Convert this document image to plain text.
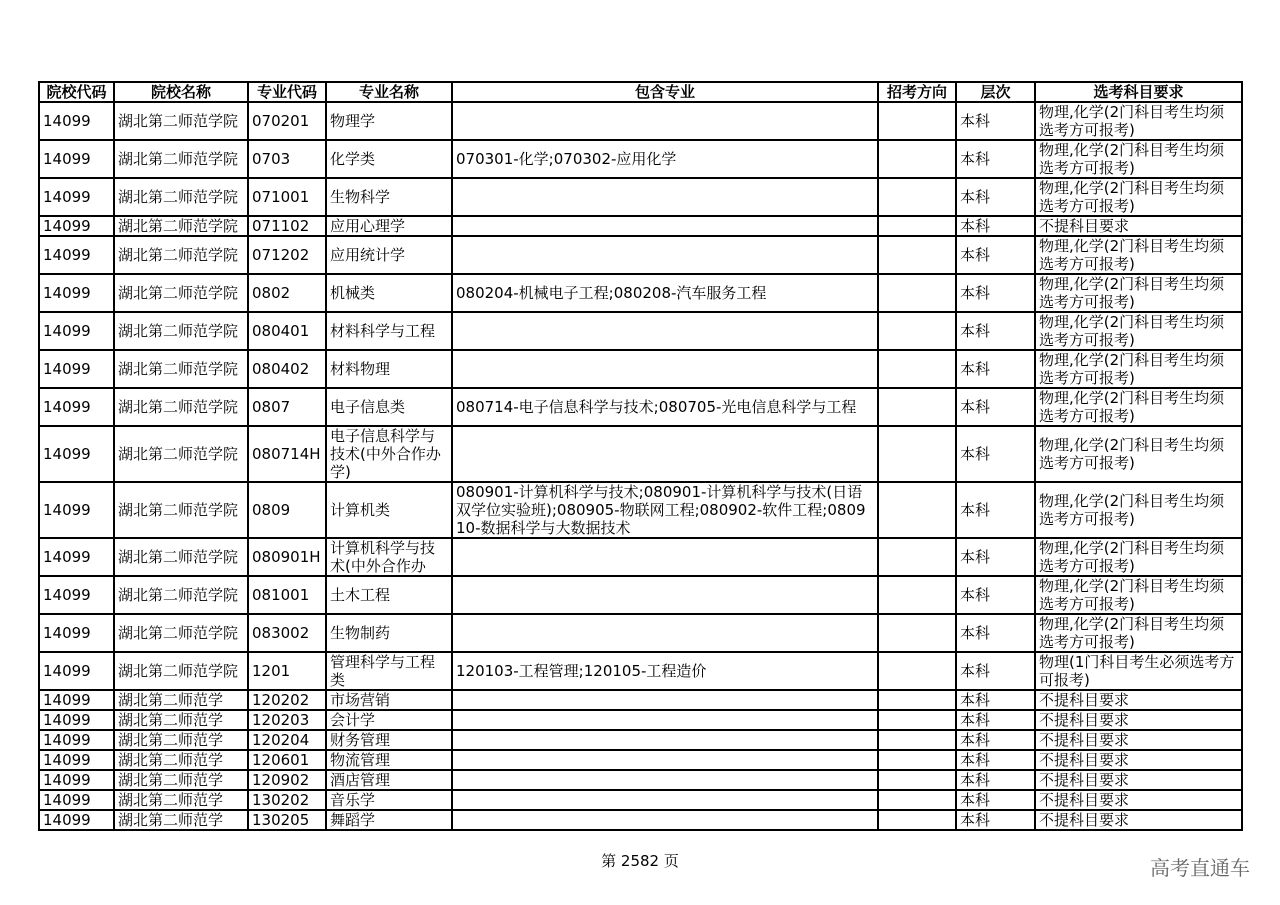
院校代码	院校名称	专业代码	专业名称	包含专业	招考方向	层次	选考科目要求
14099	湖北第二师范学院	070201	物理学			本科	物理,化学(2门科目考生均须选考方可报考)
14099	湖北第二师范学院	0703	化学类	070301-化学;070302-应用化学		本科	物理,化学(2门科目考生均须选考方可报考)
14099	湖北第二师范学院	071001	生物科学			本科	物理,化学(2门科目考生均须选考方可报考)
14099	湖北第二师范学院	071102	应用心理学			本科	不提科目要求
14099	湖北第二师范学院	071202	应用统计学			本科	物理,化学(2门科目考生均须选考方可报考)
14099	湖北第二师范学院	0802	机械类	080204-机械电子工程;080208-汽车服务工程		本科	物理,化学(2门科目考生均须选考方可报考)
14099	湖北第二师范学院	080401	材料科学与工程			本科	物理,化学(2门科目考生均须选考方可报考)
14099	湖北第二师范学院	080402	材料物理			本科	物理,化学(2门科目考生均须选考方可报考)
14099	湖北第二师范学院	0807	电子信息类	080714-电子信息科学与技术;080705-光电信息科学与工程		本科	物理,化学(2门科目考生均须选考方可报考)
14099	湖北第二师范学院	080714H	电子信息科学与技术(中外合作办学)			本科	物理,化学(2门科目考生均须选考方可报考)
14099	湖北第二师范学院	0809	计算机类	080901-计算机科学与技术;080901-计算机科学与技术(日语双学位实验班);080905-物联网工程;080902-软件工程;080910-数据科学与大数据技术		本科	物理,化学(2门科目考生均须选考方可报考)
14099	湖北第二师范学院	080901H	计算机科学与技术(中外合作办			本科	物理,化学(2门科目考生均须选考方可报考)
14099	湖北第二师范学院	081001	土木工程			本科	物理,化学(2门科目考生均须选考方可报考)
14099	湖北第二师范学院	083002	生物制药			本科	物理,化学(2门科目考生均须选考方可报考)
14099	湖北第二师范学院	1201	管理科学与工程类	120103-工程管理;120105-工程造价		本科	物理(1门科目考生必须选考方可报考)
14099	湖北第二师范学	120202	市场营销			本科	不提科目要求
14099	湖北第二师范学	120203	会计学			本科	不提科目要求
14099	湖北第二师范学	120204	财务管理			本科	不提科目要求
14099	湖北第二师范学	120601	物流管理			本科	不提科目要求
14099	湖北第二师范学	120902	酒店管理			本科	不提科目要求
14099	湖北第二师范学	130202	音乐学			本科	不提科目要求
14099	湖北第二师范学	130205	舞蹈学			本科	不提科目要求
第 2582 页	高考直通车
